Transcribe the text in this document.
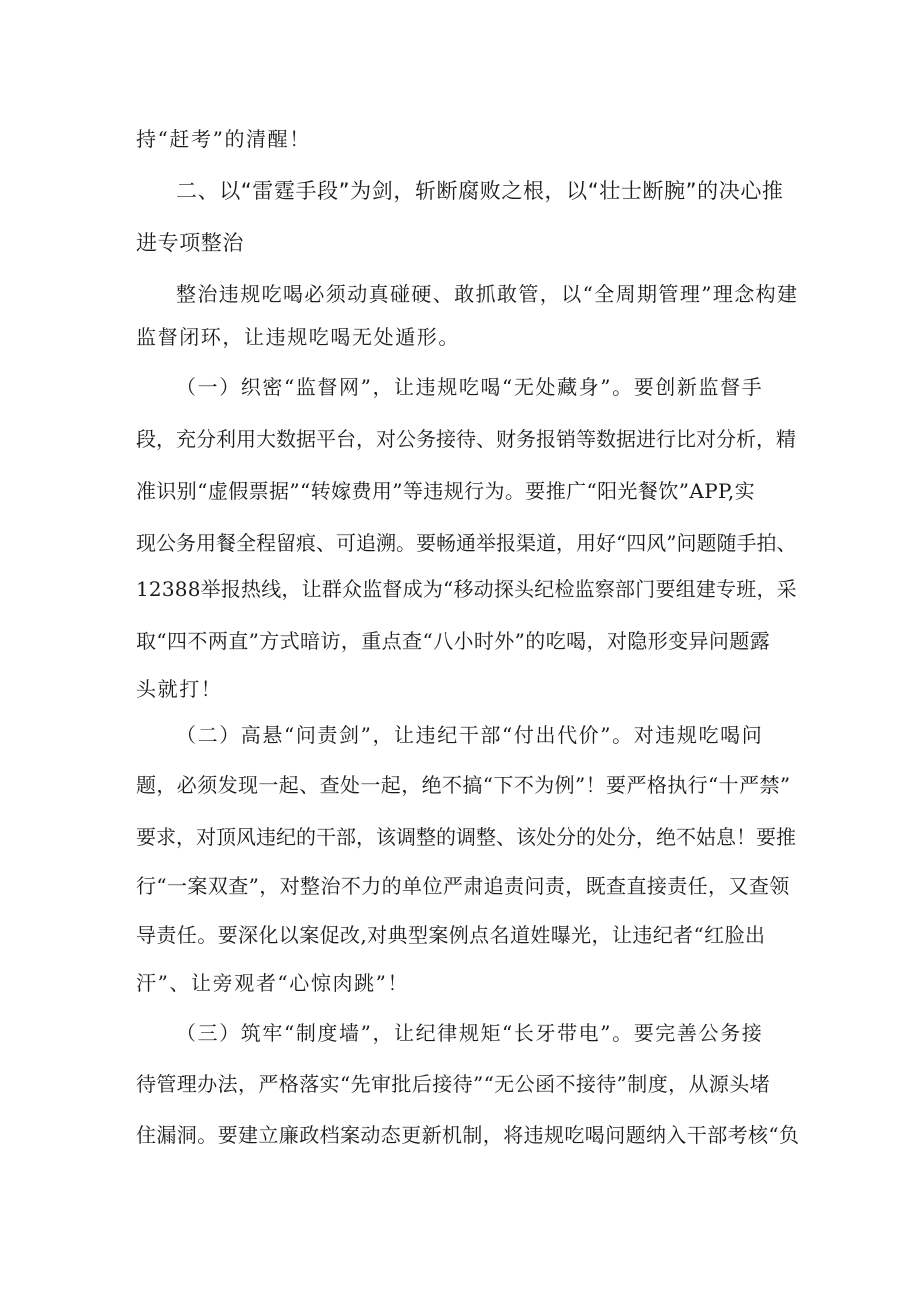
持“赶考”的清醒！
二、以“雷霆手段”为剑，斩断腐败之根，以“壮士断腕”的决心推
进专项整治
整治违规吃喝必须动真碰硬、敢抓敢管，以“全周期管理”理念构建
监督闭环，让违规吃喝无处遁形。
（一）织密“监督网”，让违规吃喝“无处藏身”。要创新监督手
段，充分利用大数据平台，对公务接待、财务报销等数据进行比对分析，精
准识别“虚假票据”“转嫁费用”等违规行为。要推广“阳光餐饮”APP,实
现公务用餐全程留痕、可追溯。要畅通举报渠道，用好“四风”问题随手拍、
12388举报热线，让群众监督成为“移动探头纪检监察部门要组建专班，采
取“四不两直”方式暗访，重点查“八小时外”的吃喝，对隐形变异问题露
头就打！
（二）高悬“问责剑”，让违纪干部“付出代价”。对违规吃喝问
题，必须发现一起、查处一起，绝不搞“下不为例”！要严格执行“十严禁”
要求，对顶风违纪的干部，该调整的调整、该处分的处分，绝不姑息！要推
行“一案双查”，对整治不力的单位严肃追责问责，既查直接责任，又查领
导责任。要深化以案促改,对典型案例点名道姓曝光，让违纪者“红脸出
汗”、让旁观者“心惊肉跳”！
（三）筑牢“制度墙”，让纪律规矩“长牙带电”。要完善公务接
待管理办法，严格落实“先审批后接待”“无公函不接待”制度，从源头堵
住漏洞。要建立廉政档案动态更新机制，将违规吃喝问题纳入干部考核“负
